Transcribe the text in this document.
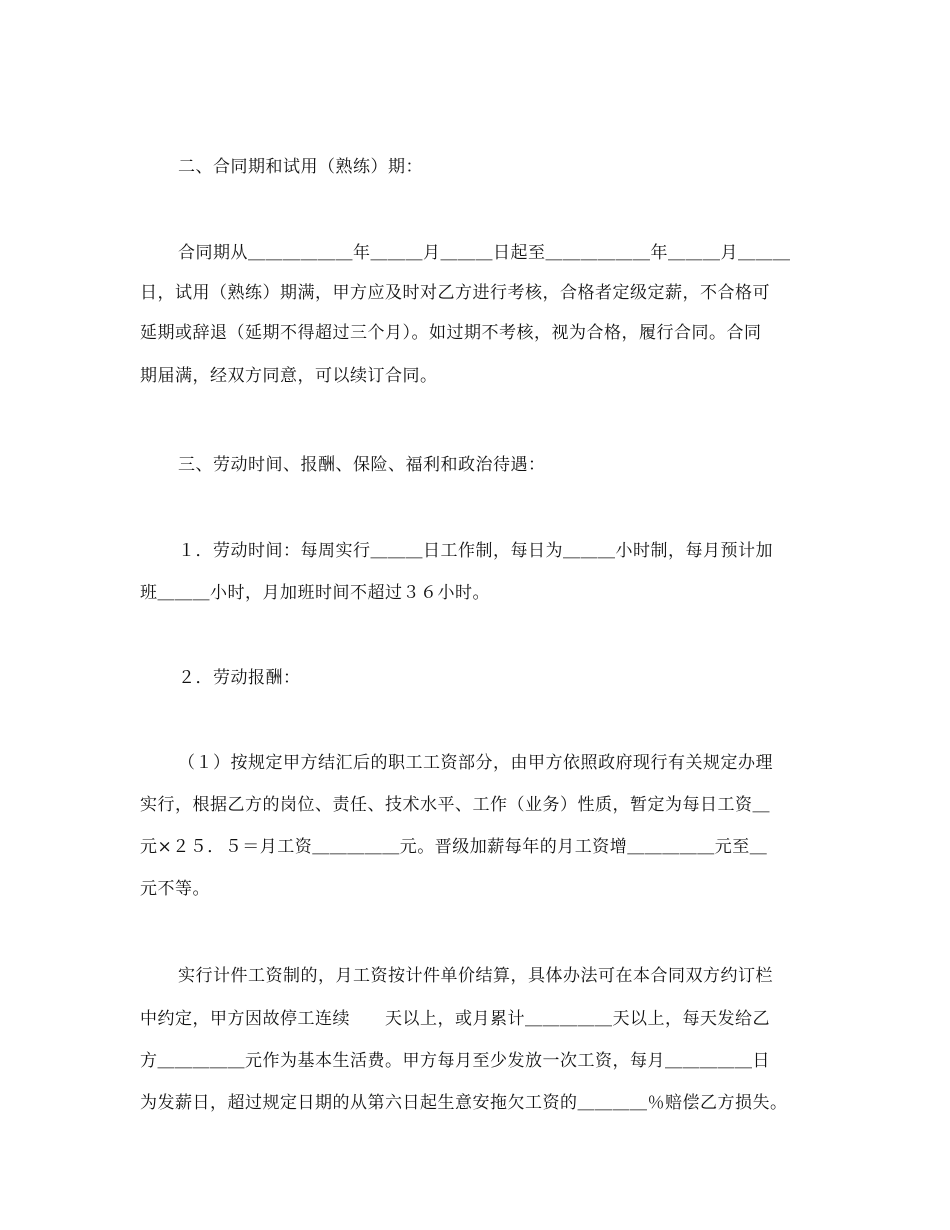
二、合同期和试用（熟练）期：
合同期从＿＿＿＿＿＿年＿＿＿月＿＿＿日起至＿＿＿＿＿＿年＿＿＿月＿＿＿
日，试用（熟练）期满，甲方应及时对乙方进行考核，合格者定级定薪，不合格可
延期或辞退（延期不得超过三个月）。如过期不考核，视为合格，履行合同。合同
期届满，经双方同意，可以续订合同。
三、劳动时间、报酬、保险、福利和政治待遇：
１．劳动时间：每周实行＿＿＿日工作制，每日为＿＿＿小时制，每月预计加
班＿＿＿小时，月加班时间不超过３６小时。
２．劳动报酬：
（１）按规定甲方结汇后的职工工资部分，由甲方依照政府现行有关规定办理
实行，根据乙方的岗位、责任、技术水平、工作（业务）性质，暂定为每日工资＿
元×２５．５＝月工资＿＿＿＿＿元。晋级加薪每年的月工资增＿＿＿＿＿元至＿
元不等。
实行计件工资制的，月工资按计件单价结算，具体办法可在本合同双方约订栏
中约定，甲方因故停工连续　　天以上，或月累计＿＿＿＿＿天以上，每天发给乙
方＿＿＿＿＿元作为基本生活费。甲方每月至少发放一次工资，每月＿＿＿＿＿日
为发薪日，超过规定日期的从第六日起生意安拖欠工资的＿＿＿＿％赔偿乙方损失。
